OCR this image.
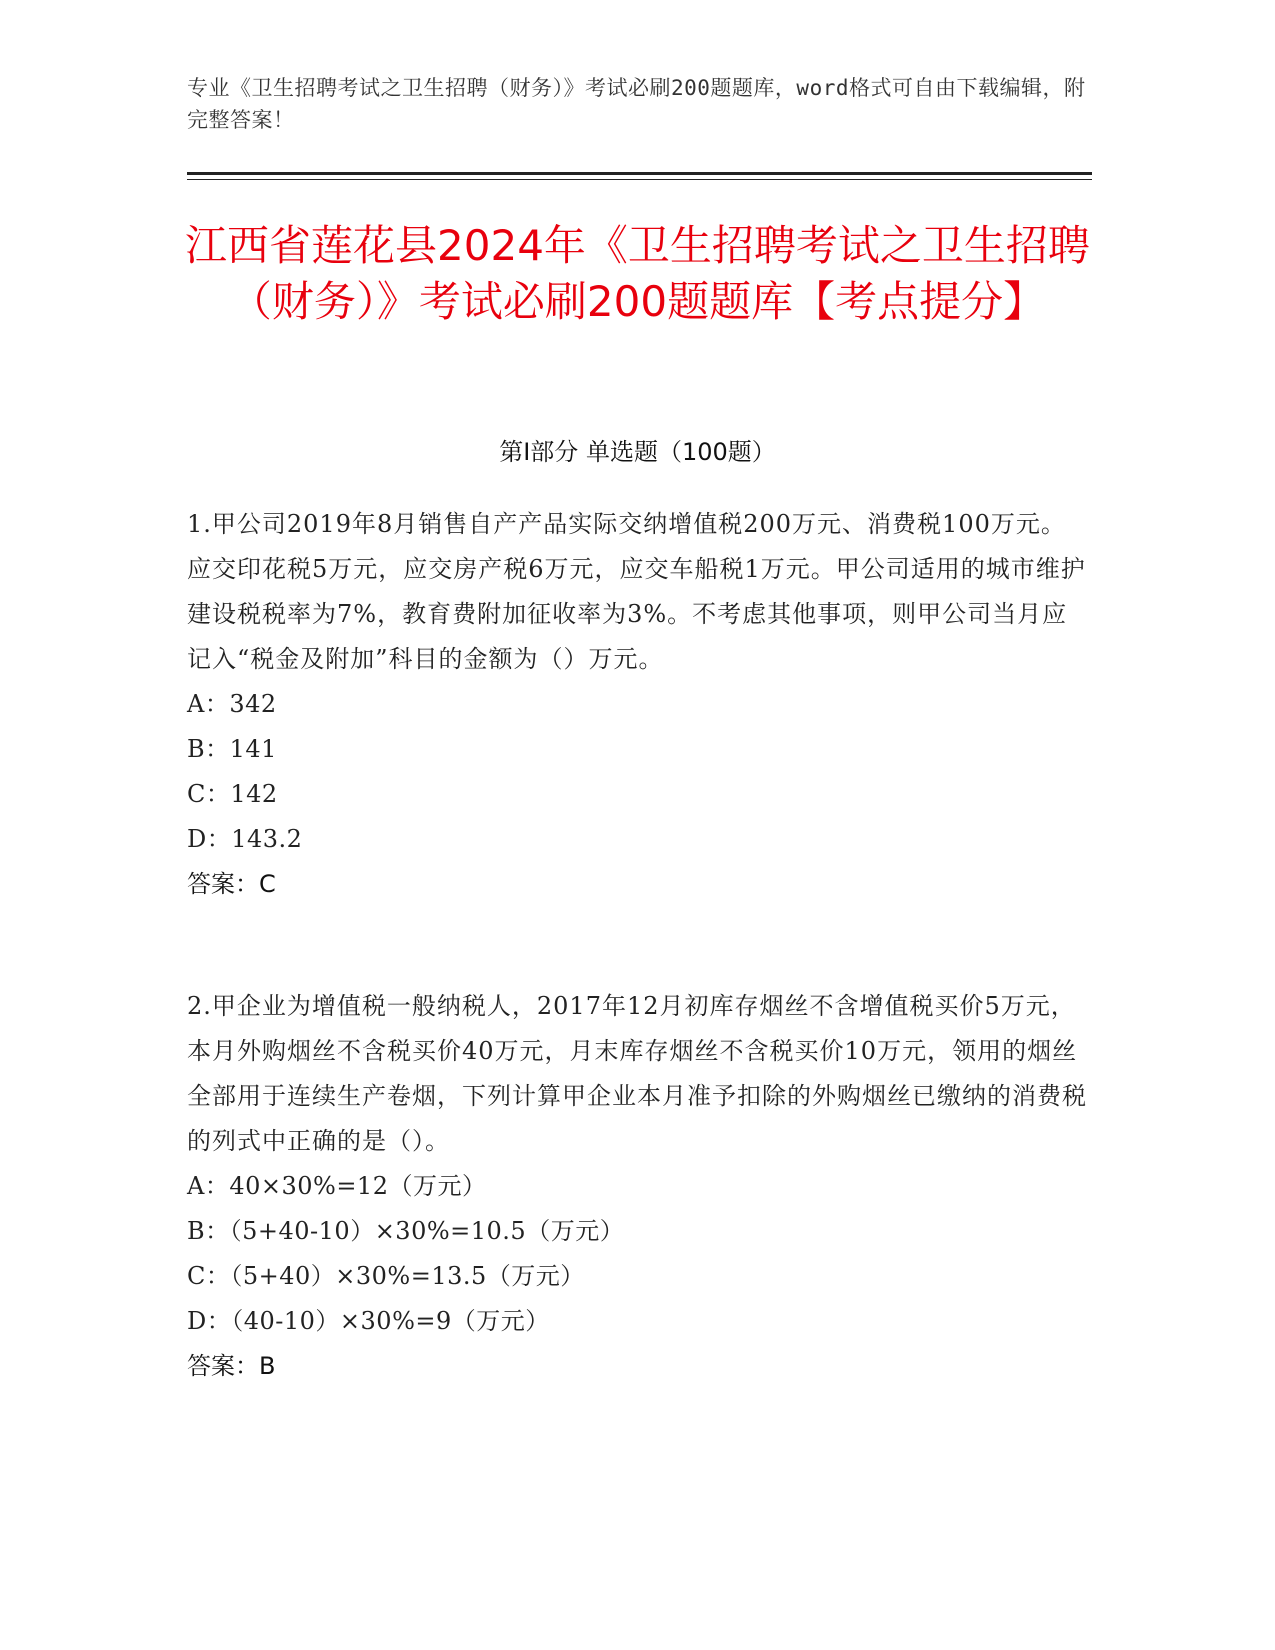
专业《卫生招聘考试之卫生招聘（财务）》考试必刷200题题库，word格式可自由下载编辑，附完整答案！
江西省莲花县2024年《卫生招聘考试之卫生招聘（财务）》考试必刷200题题库【考点提分】
第I部分 单选题（100题）

1.甲公司2019年8月销售自产产品实际交纳增值税200万元、消费税100万元。应交印花税5万元，应交房产税6万元，应交车船税1万元。甲公司适用的城市维护建设税税率为7%，教育费附加征收率为3%。不考虑其他事项，则甲公司当月应记入“税金及附加”科目的金额为（）万元。

A：342

B：141

C：142

D：143.2

答案：C

2.甲企业为增值税一般纳税人，2017年12月初库存烟丝不含增值税买价5万元，本月外购烟丝不含税买价40万元，月末库存烟丝不含税买价10万元，领用的烟丝全部用于连续生产卷烟，下列计算甲企业本月准予扣除的外购烟丝已缴纳的消费税的列式中正确的是（）。

A：40×30%=12（万元）

B：（5+40-10）×30%=10.5（万元）

C：（5+40）×30%=13.5（万元）

D：（40-10）×30%=9（万元）

答案：B
